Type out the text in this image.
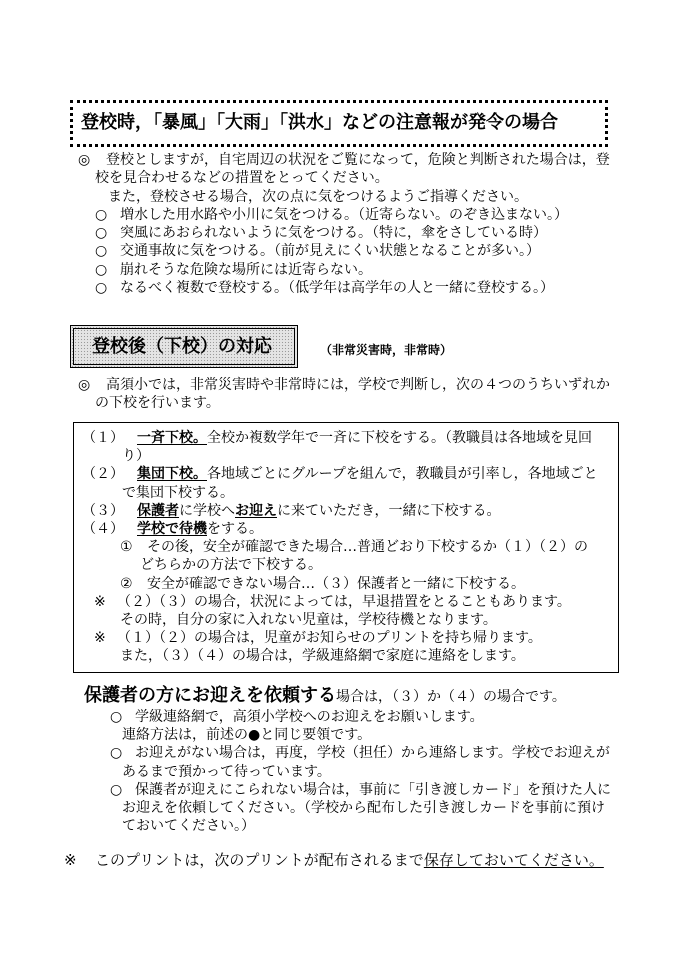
登校時，「暴風」「大雨」「洪水」などの注意報が発令の場合
◎ 登校としますが，自宅周辺の状況をご覧になって，危険と判断された場合は，登
校を見合わせるなどの措置をとってください。
また，登校させる場合，次の点に気をつけるようご指導ください。
○ 増水した用水路や小川に気をつける。（近寄らない。のぞき込まない。）
○ 突風にあおられないように気をつける。（特に，傘をさしている時）
○ 交通事故に気をつける。（前が見えにくい状態となることが多い。）
○ 崩れそうな危険な場所には近寄らない。
○ なるべく複数で登校する。（低学年は高学年の人と一緒に登校する。）
登校後（下校）の対応	（非常災害時，非常時）
◎ 高須小では，非常災害時や非常時には，学校で判断し，次の４つのうちいずれか
の下校を行います。
（１） 一斉下校。全校か複数学年で一斉に下校をする。（教職員は各地域を見回
り）
（２） 集団下校。各地域ごとにグループを組んで，教職員が引率し，各地域ごと
で集団下校する。
（３） 保護者に学校へお迎えに来ていただき，一緒に下校する。
（４） 学校で待機をする。
① その後，安全が確認できた場合…普通どおり下校するか（１）（２）の
どちらかの方法で下校する。
② 安全が確認できない場合…（３）保護者と一緒に下校する。
※ （２）（３）の場合，状況によっては，早退措置をとることもあります。
その時，自分の家に入れない児童は，学校待機となります。
※ （１）（２）の場合は，児童がお知らせのプリントを持ち帰ります。
また，（３）（４）の場合は，学級連絡網で家庭に連絡をします。
保護者の方にお迎えを依頼する場合は，（３）か（４）の場合です。
○ 学級連絡網で，高須小学校へのお迎えをお願いします。
連絡方法は，前述の●と同じ要領です。
○ お迎えがない場合は，再度，学校（担任）から連絡します。学校でお迎えが
あるまで預かって待っています。
○ 保護者が迎えにこられない場合は，事前に「引き渡しカード」を預けた人に
お迎えを依頼してください。（学校から配布した引き渡しカードを事前に預け
ておいてください。）
※ このプリントは，次のプリントが配布されるまで保存しておいてください。
